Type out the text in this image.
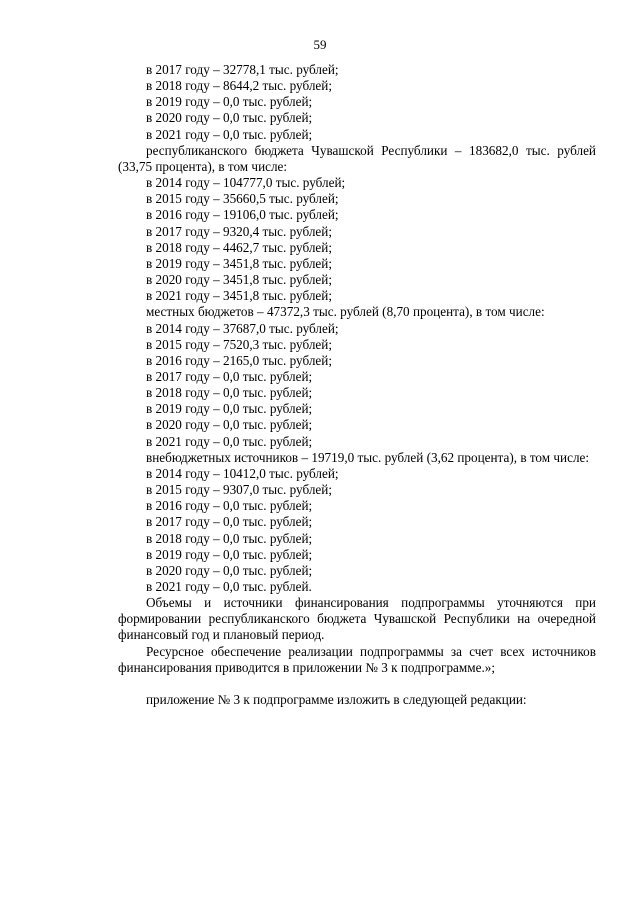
59

в 2017 году – 32778,1 тыс. рублей;

в 2018 году – 8644,2 тыс. рублей;

в 2019 году – 0,0 тыс. рублей;

в 2020 году – 0,0 тыс. рублей;

в 2021 году – 0,0 тыс. рублей;

республиканского бюджета Чувашской Республики – 183682,0 тыс. рублей (33,75 процента), в том числе:

в 2014 году – 104777,0 тыс. рублей;

в 2015 году – 35660,5 тыс. рублей;

в 2016 году – 19106,0 тыс. рублей;

в 2017 году – 9320,4 тыс. рублей;

в 2018 году – 4462,7 тыс. рублей;

в 2019 году – 3451,8 тыс. рублей;

в 2020 году – 3451,8 тыс. рублей;

в 2021 году – 3451,8 тыс. рублей;

местных бюджетов – 47372,3 тыс. рублей (8,70 процента), в том числе:

в 2014 году – 37687,0 тыс. рублей;

в 2015 году – 7520,3 тыс. рублей;

в 2016 году – 2165,0 тыс. рублей;

в 2017 году – 0,0 тыс. рублей;

в 2018 году – 0,0 тыс. рублей;

в 2019 году – 0,0 тыс. рублей;

в 2020 году – 0,0 тыс. рублей;

в 2021 году – 0,0 тыс. рублей;

внебюджетных источников – 19719,0 тыс. рублей (3,62 процента), в том числе:

в 2014 году – 10412,0 тыс. рублей;

в 2015 году – 9307,0 тыс. рублей;

в 2016 году – 0,0 тыс. рублей;

в 2017 году – 0,0 тыс. рублей;

в 2018 году – 0,0 тыс. рублей;

в 2019 году – 0,0 тыс. рублей;

в 2020 году – 0,0 тыс. рублей;

в 2021 году – 0,0 тыс. рублей.

Объемы и источники финансирования подпрограммы уточняются при формировании республиканского бюджета Чувашской Республики на очередной финансовый год и плановый период.

Ресурсное обеспечение реализации подпрограммы за счет всех источников финансирования приводится в приложении № 3 к подпрограмме.»;

приложение № 3 к подпрограмме изложить в следующей редакции:
